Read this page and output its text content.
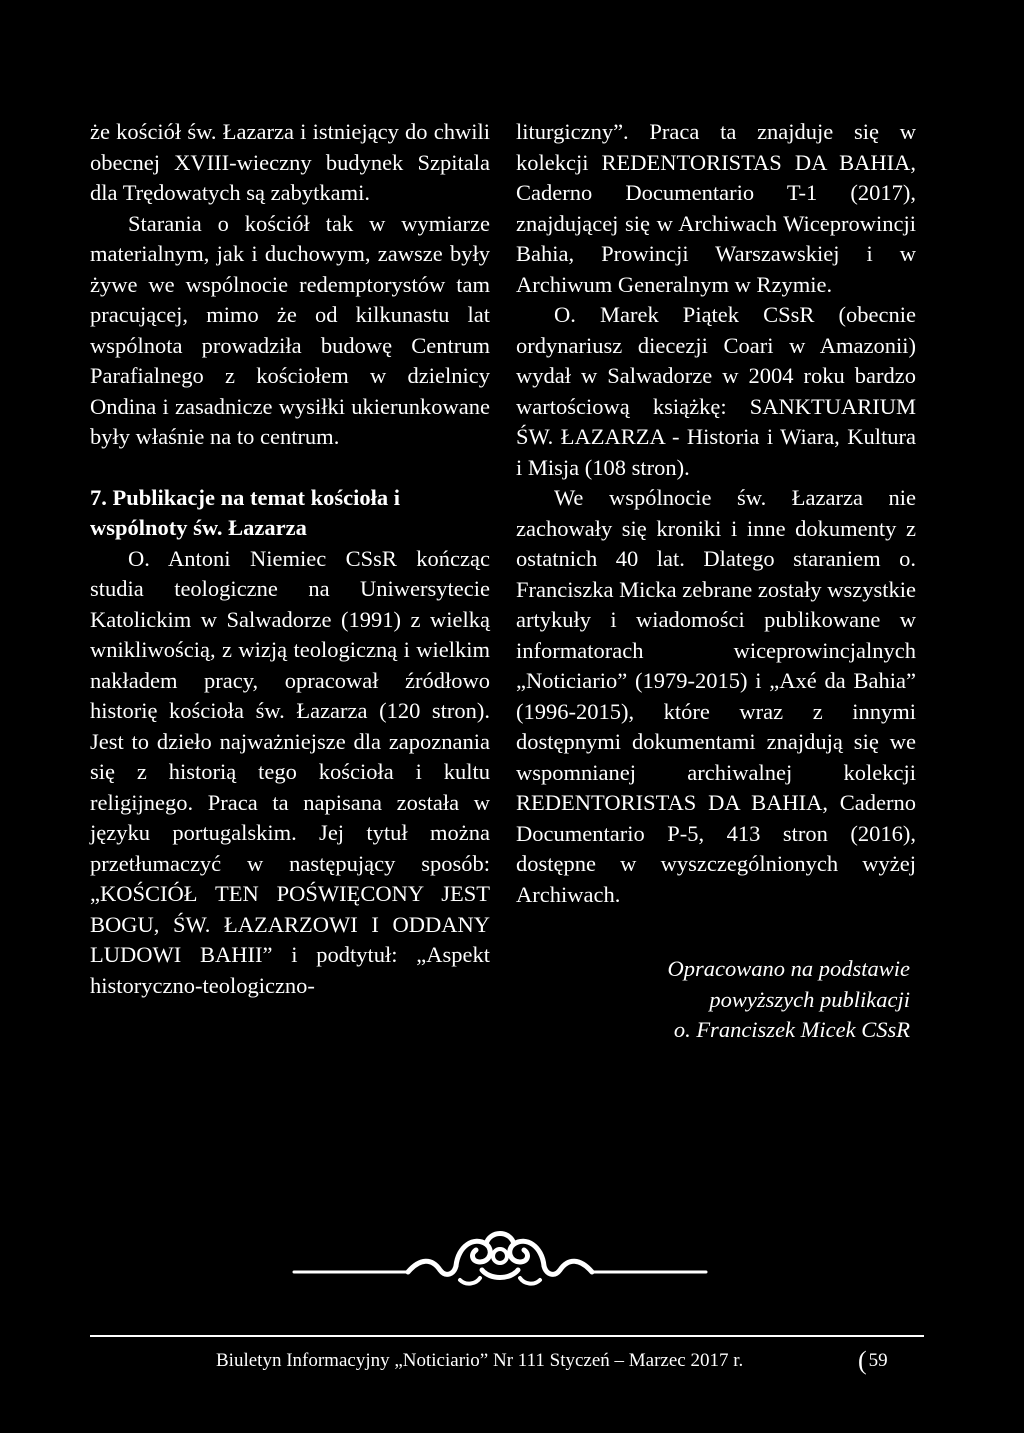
że kościół św. Łazarza i istniejący do chwili obecnej XVIII-wieczny budynek Szpitala dla Trędowatych są zabytkami.

Starania o kościół tak w wymiarze materialnym, jak i duchowym, zawsze były żywe we wspólnocie redemptorystów tam pracującej, mimo że od kilkunastu lat wspólnota prowadziła budowę Centrum Parafialnego z kościołem w dzielnicy Ondina i zasadnicze wysiłki ukierunkowane były właśnie na to centrum.

7. Publikacje na temat kościoła i wspólnoty św. Łazarza

O. Antoni Niemiec CSsR kończąc studia teologiczne na Uniwersytecie Katolickim w Salwadorze (1991) z wielką wnikliwością, z wizją teologiczną i wielkim nakładem pracy, opracował źródłowo historię kościoła św. Łazarza (120 stron). Jest to dzieło najważniejsze dla zapoznania się z historią tego kościoła i kultu religijnego. Praca ta napisana została w języku portugalskim. Jej tytuł można przetłumaczyć w następujący sposób: „KOŚCIÓŁ TEN POŚWIĘCONY JEST BOGU, ŚW. ŁAZARZOWI I ODDANY LUDOWI BAHII” i podtytuł: „Aspekt historyczno-teologiczno-

liturgiczny”. Praca ta znajduje się w kolekcji REDENTORISTAS DA BAHIA, Caderno Documentario T-1 (2017), znajdującej się w Archiwach Wiceprowincji Bahia, Prowincji Warszawskiej i w Archiwum Generalnym w Rzymie.

O. Marek Piątek CSsR (obecnie ordynariusz diecezji Coari w Amazonii) wydał w Salwadorze w 2004 roku bardzo wartościową książkę: SANKTUARIUM ŚW. ŁAZARZA - Historia i Wiara, Kultura i Misja (108 stron).

We wspólnocie św. Łazarza nie zachowały się kroniki i inne dokumenty z ostatnich 40 lat. Dlatego staraniem o. Franciszka Micka zebrane zostały wszystkie artykuły i wiadomości publikowane w informatorach wiceprowincjalnych „Noticiario” (1979-2015) i „Axé da Bahia” (1996-2015), które wraz z innymi dostępnymi dokumentami znajdują się we wspomnianej archiwalnej kolekcji REDENTORISTAS DA BAHIA, Caderno Documentario P-5, 413 stron (2016), dostępne w wyszczególnionych wyżej Archiwach.

Opracowano na podstawie
powyższych publikacji
o. Franciszek Micek CSsR
Biuletyn Informacyjny „Noticiario” Nr 111 Styczeń – Marzec 2017 r.	( 59
